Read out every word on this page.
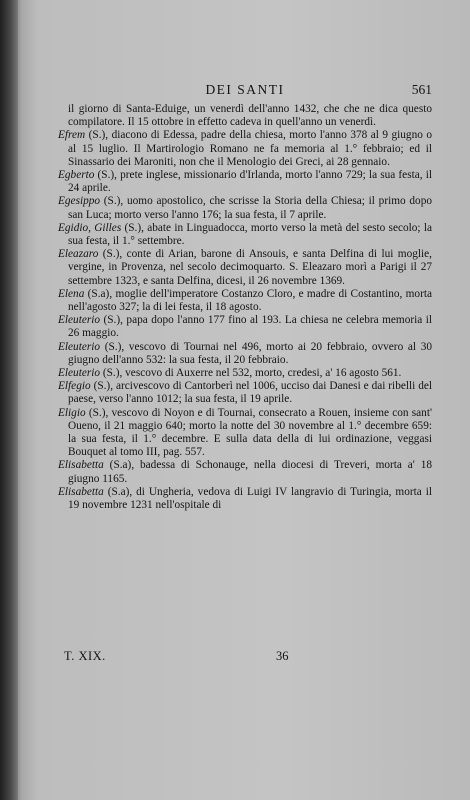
DEI SANTI	561

il giorno di Santa-Eduige, un venerdì dell'anno 1432, che che ne dica questo compilatore. Il 15 ottobre in effetto cadeva in quell'anno un venerdì.

Efrem (S.), diacono di Edessa, padre della chiesa, morto l'anno 378 al 9 giugno o al 15 luglio. Il Martirologio Romano ne fa memoria al 1.° febbraio; ed il Sinassario dei Maroniti, non che il Menologio dei Greci, ai 28 gennaio.

Egberto (S.), prete inglese, missionario d'Irlanda, morto l'anno 729; la sua festa, il 24 aprile.

Egesippo (S.), uomo apostolico, che scrisse la Storia della Chiesa; il primo dopo san Luca; morto verso l'anno 176; la sua festa, il 7 aprile.

Egidio, Gilles (S.), abate in Linguadocca, morto verso la metà del sesto secolo; la sua festa, il 1.° settembre.

Eleazaro (S.), conte di Arian, barone di Ansouis, e santa Delfina di lui moglie, vergine, in Provenza, nel secolo decimoquarto. S. Eleazaro morì a Parigi il 27 settembre 1323, e santa Delfina, dicesi, il 26 novembre 1369.

Elena (S.a), moglie dell'imperatore Costanzo Cloro, e madre di Costantino, morta nell'agosto 327; la di lei festa, il 18 agosto.

Eleuterio (S.), papa dopo l'anno 177 fino al 193. La chiesa ne celebra memoria il 26 maggio.

Eleuterio (S.), vescovo di Tournai nel 496, morto ai 20 febbraio, ovvero al 30 giugno dell'anno 532: la sua festa, il 20 febbraio.

Eleuterio (S.), vescovo di Auxerre nel 532, morto, credesi, a' 16 agosto 561.

Elfegio (S.), arcivescovo di Cantorberì nel 1006, ucciso dai Danesi e dai ribelli del paese, verso l'anno 1012; la sua festa, il 19 aprile.

Eligio (S.), vescovo di Noyon e di Tournai, consecrato a Rouen, insieme con sant' Oueno, il 21 maggio 640; morto la notte del 30 novembre al 1.° decembre 659: la sua festa, il 1.° decembre. E sulla data della di lui ordinazione, veggasi Bouquet al tomo III, pag. 557.

Elisabetta (S.a), badessa di Schonauge, nella diocesi di Treveri, morta a' 18 giugno 1165.

Elisabetta (S.a), di Ungheria, vedova di Luigi IV langravio di Turingia, morta il 19 novembre 1231 nell'ospitale di

T. XIX.	36
